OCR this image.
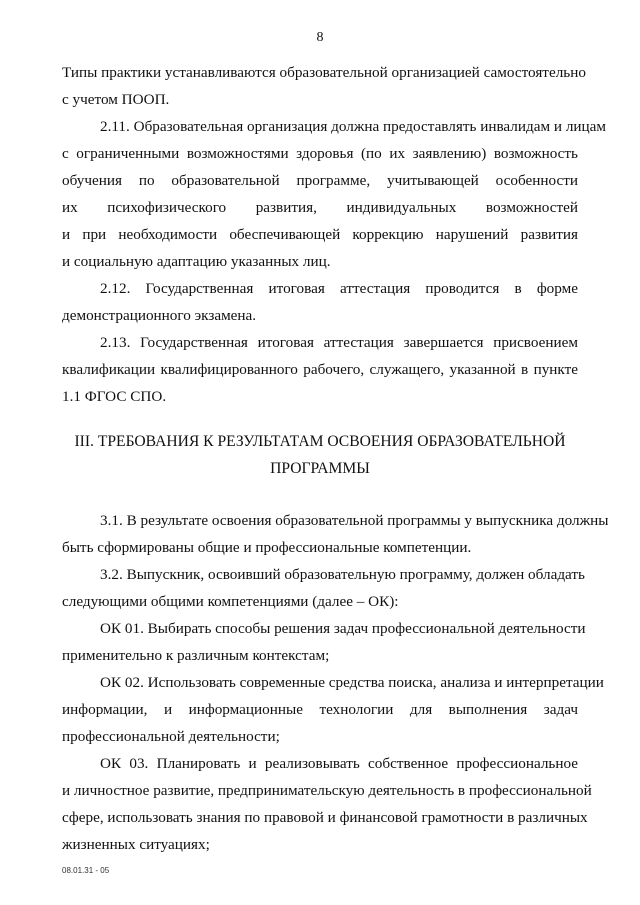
8
Типы практики устанавливаются образовательной организацией самостоятельно
с учетом ПООП.
2.11. Образовательная организация должна предоставлять инвалидам и лицам
с ограниченными возможностями здоровья (по их заявлению) возможность
обучения по образовательной программе, учитывающей особенности
их психофизического развития, индивидуальных возможностей
и при необходимости обеспечивающей коррекцию нарушений развития
и социальную адаптацию указанных лиц.
2.12. Государственная итоговая аттестация проводится в форме
демонстрационного экзамена.
2.13. Государственная итоговая аттестация завершается присвоением
квалификации квалифицированного рабочего, служащего, указанной в пункте
1.1 ФГОС СПО.
III. ТРЕБОВАНИЯ К РЕЗУЛЬТАТАМ ОСВОЕНИЯ ОБРАЗОВАТЕЛЬНОЙ
ПРОГРАММЫ
3.1. В результате освоения образовательной программы у выпускника должны
быть сформированы общие и профессиональные компетенции.
3.2. Выпускник, освоивший образовательную программу, должен обладать
следующими общими компетенциями (далее – ОК):
ОК 01. Выбирать способы решения задач профессиональной деятельности
применительно к различным контекстам;
ОК 02. Использовать современные средства поиска, анализа и интерпретации
информации, и информационные технологии для выполнения задач
профессиональной деятельности;
ОК 03. Планировать и реализовывать собственное профессиональное
и личностное развитие, предпринимательскую деятельность в профессиональной
сфере, использовать знания по правовой и финансовой грамотности в различных
жизненных ситуациях;
08.01.31 - 05
